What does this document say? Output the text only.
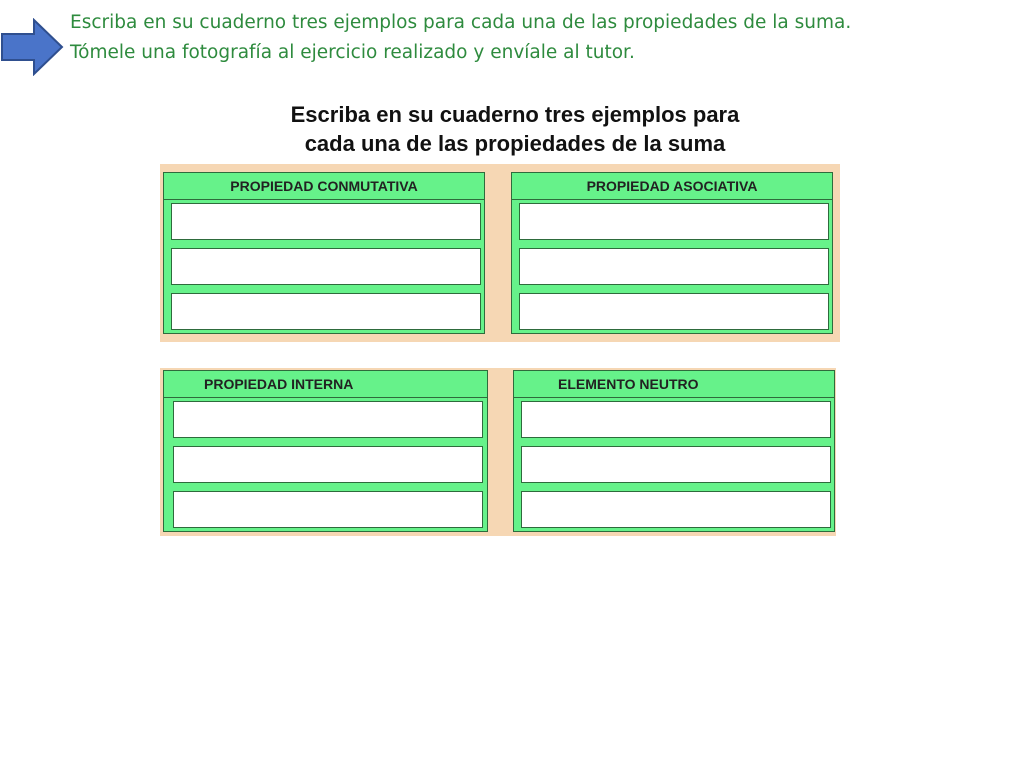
Escriba en su cuaderno tres ejemplos para cada una de las propiedades de la suma.
Tómele una fotografía al ejercicio realizado y envíale al tutor.
Escriba en su cuaderno tres ejemplos para
cada una de las propiedades de la suma
PROPIEDAD CONMUTATIVA	PROPIEDAD ASOCIATIVA
PROPIEDAD INTERNA	ELEMENTO NEUTRO
